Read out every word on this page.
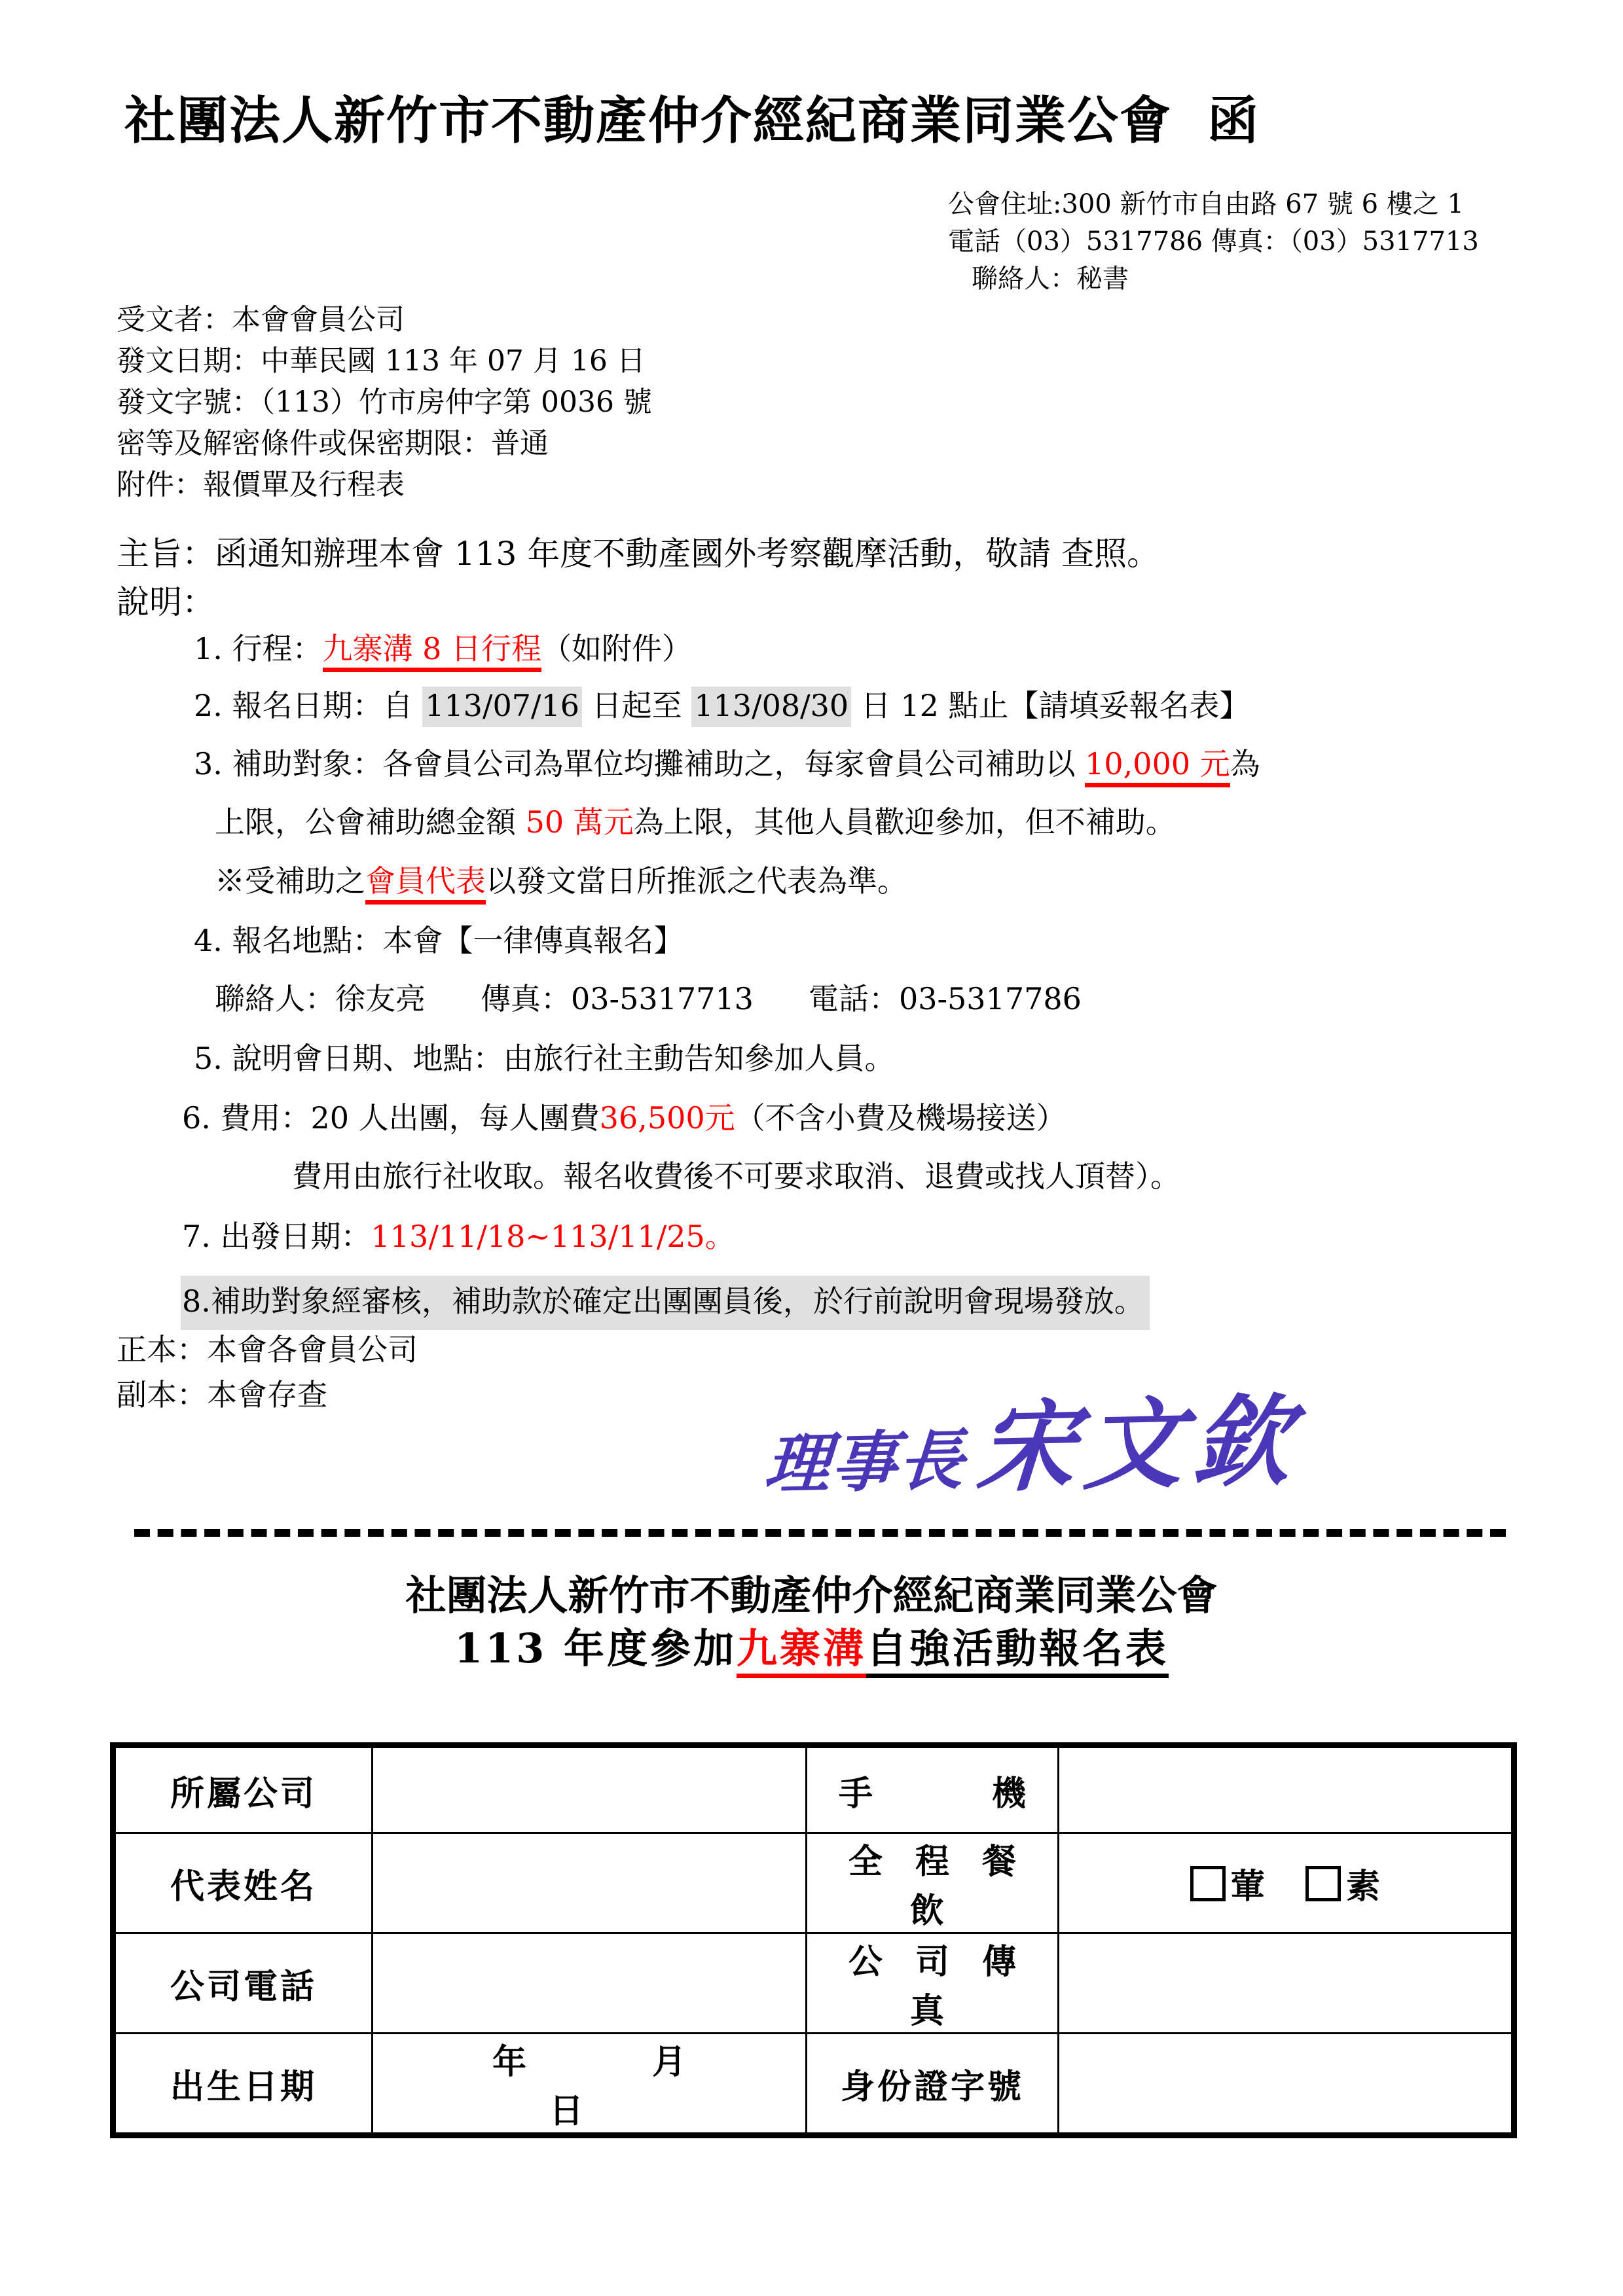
社團法人新竹市不動產仲介經紀商業同業公會 函
公會住址:300 新竹市自由路 67 號 6 樓之 1
電話（03）5317786 傳真：（03）5317713
聯絡人：秘書
受文者：本會會員公司
發文日期：中華民國 113 年 07 月 16 日
發文字號：（113）竹市房仲字第 0036 號
密等及解密條件或保密期限：普通
附件：報價單及行程表
主旨：函通知辦理本會 113 年度不動產國外考察觀摩活動，敬請 查照。
說明：
1. 行程：九寨溝 8 日行程（如附件）
2. 報名日期：自 113/07/16 日起至 113/08/30 日 12 點止【請填妥報名表】
3. 補助對象：各會員公司為單位均攤補助之，每家會員公司補助以 10,000 元為
上限，公會補助總金額 50 萬元為上限，其他人員歡迎參加，但不補助。
※受補助之會員代表以發文當日所推派之代表為準。
4. 報名地點：本會【一律傳真報名】
聯絡人：徐友亮 傳真：03-5317713 電話：03-5317786
5. 說明會日期、地點：由旅行社主動告知參加人員。
6. 費用：20 人出團，每人團費36,500元（不含小費及機場接送）
費用由旅行社收取。報名收費後不可要求取消、退費或找人頂替）。
7. 出發日期：113/11/18~113/11/25。
8.補助對象經審核，補助款於確定出團團員後，於行前說明會現場發放。
正本：本會各會員公司
副本：本會存查
理事長宋文欽
社團法人新竹市不動產仲介經紀商業同業公會
113 年度參加九寨溝自強活動報名表
所屬公司		手　　機	
代表姓名		全 程 餐 飲	葷 素
公司電話		公 司 傳 真	
出生日期	年　月　日	身份證字號	
